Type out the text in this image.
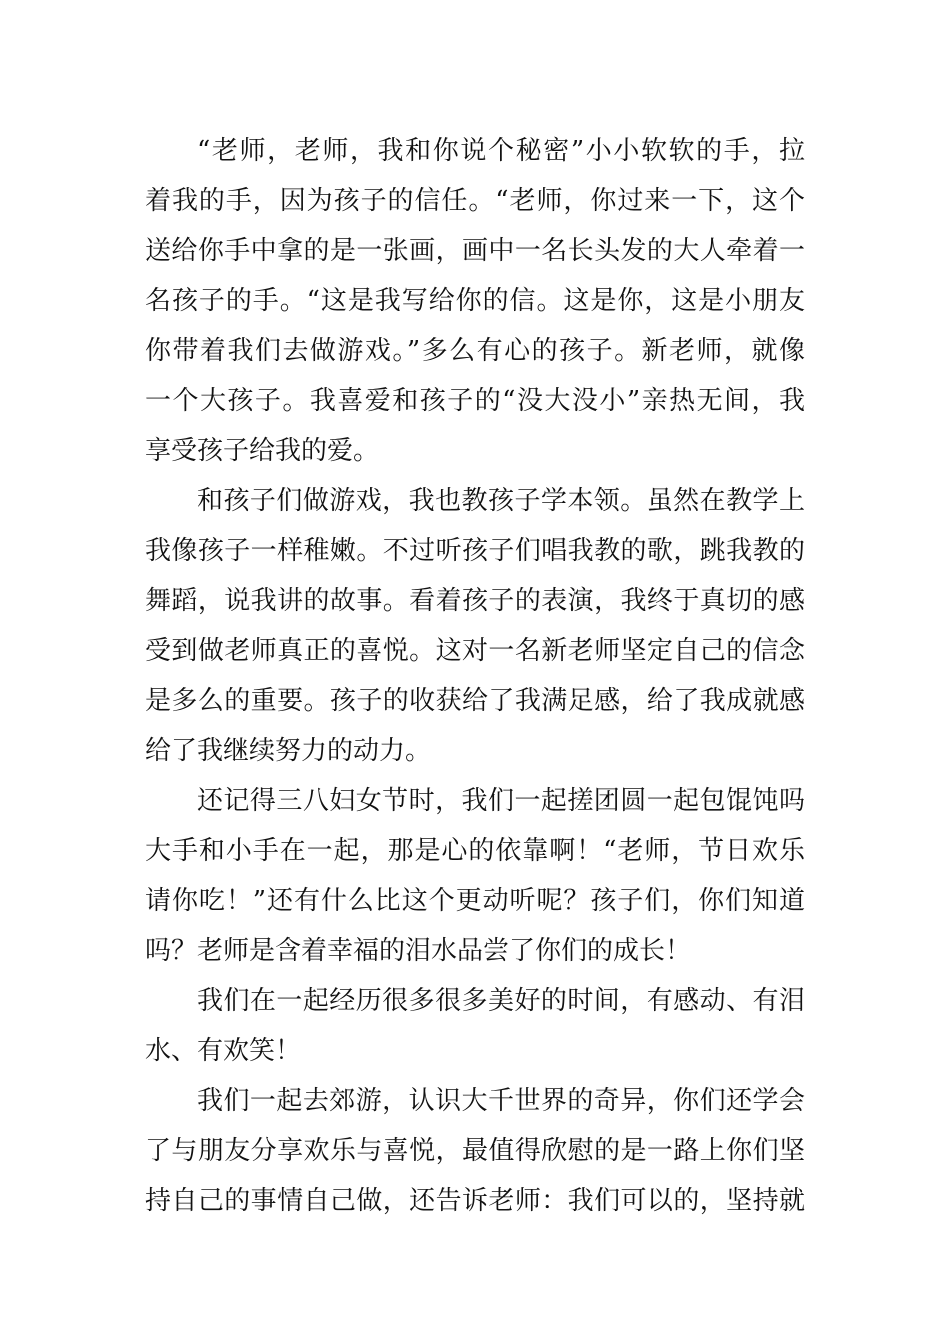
“老师，老师，我和你说个秘密”小小软软的手，拉
着我的手，因为孩子的信任。“老师，你过来一下，这个
送给你手中拿的是一张画，画中一名长头发的大人牵着一
名孩子的手。“这是我写给你的信。这是你，这是小朋友
你带着我们去做游戏。”多么有心的孩子。新老师，就像
一个大孩子。我喜爱和孩子的“没大没小”亲热无间，我
享受孩子给我的爱。
和孩子们做游戏，我也教孩子学本领。虽然在教学上
我像孩子一样稚嫩。不过听孩子们唱我教的歌，跳我教的
舞蹈，说我讲的故事。看着孩子的表演，我终于真切的感
受到做老师真正的喜悦。这对一名新老师坚定自己的信念
是多么的重要。孩子的收获给了我满足感，给了我成就感
给了我继续努力的动力。
还记得三八妇女节时，我们一起搓团圆一起包馄饨吗
大手和小手在一起，那是心的依靠啊！“老师，节日欢乐
请你吃！”还有什么比这个更动听呢？孩子们，你们知道
吗？老师是含着幸福的泪水品尝了你们的成长！
我们在一起经历很多很多美好的时间，有感动、有泪
水、有欢笑！
我们一起去郊游，认识大千世界的奇异，你们还学会
了与朋友分享欢乐与喜悦，最值得欣慰的是一路上你们坚
持自己的事情自己做，还告诉老师：我们可以的，坚持就
